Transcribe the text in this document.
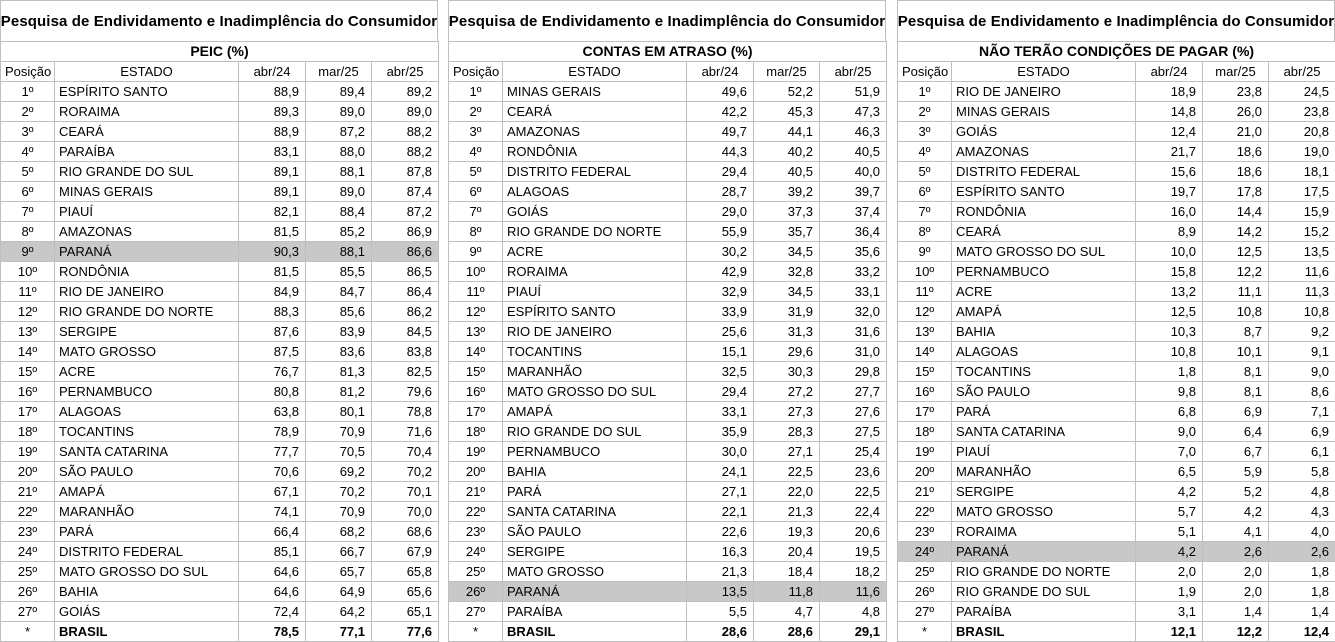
Pesquisa de Endividamento e Inadimplência do Consumidor
PEIC (%)				
Posição	ESTADO	abr/24	mar/25	abr/25
1º	ESPÍRITO SANTO	88,9	89,4	89,2
2º	RORAIMA	89,3	89,0	89,0
3º	CEARÁ	88,9	87,2	88,2
4º	PARAÍBA	83,1	88,0	88,2
5º	RIO GRANDE DO SUL	89,1	88,1	87,8
6º	MINAS GERAIS	89,1	89,0	87,4
7º	PIAUÍ	82,1	88,4	87,2
8º	AMAZONAS	81,5	85,2	86,9
9º	PARANÁ	90,3	88,1	86,6
10º	RONDÔNIA	81,5	85,5	86,5
11º	RIO DE JANEIRO	84,9	84,7	86,4
12º	RIO GRANDE DO NORTE	88,3	85,6	86,2
13º	SERGIPE	87,6	83,9	84,5
14º	MATO GROSSO	87,5	83,6	83,8
15º	ACRE	76,7	81,3	82,5
16º	PERNAMBUCO	80,8	81,2	79,6
17º	ALAGOAS	63,8	80,1	78,8
18º	TOCANTINS	78,9	70,9	71,6
19º	SANTA CATARINA	77,7	70,5	70,4
20º	SÃO PAULO	70,6	69,2	70,2
21º	AMAPÁ	67,1	70,2	70,1
22º	MARANHÃO	74,1	70,9	70,0
23º	PARÁ	66,4	68,2	68,6
24º	DISTRITO FEDERAL	85,1	66,7	67,9
25º	MATO GROSSO DO SUL	64,6	65,7	65,8
26º	BAHIA	64,6	64,9	65,6
27º	GOIÁS	72,4	64,2	65,1
*	BRASIL	78,5	77,1	77,6
Pesquisa de Endividamento e Inadimplência do Consumidor
CONTAS EM ATRASO (%)				
Posição	ESTADO	abr/24	mar/25	abr/25
1º	MINAS GERAIS	49,6	52,2	51,9
2º	CEARÁ	42,2	45,3	47,3
3º	AMAZONAS	49,7	44,1	46,3
4º	RONDÔNIA	44,3	40,2	40,5
5º	DISTRITO FEDERAL	29,4	40,5	40,0
6º	ALAGOAS	28,7	39,2	39,7
7º	GOIÁS	29,0	37,3	37,4
8º	RIO GRANDE DO NORTE	55,9	35,7	36,4
9º	ACRE	30,2	34,5	35,6
10º	RORAIMA	42,9	32,8	33,2
11º	PIAUÍ	32,9	34,5	33,1
12º	ESPÍRITO SANTO	33,9	31,9	32,0
13º	RIO DE JANEIRO	25,6	31,3	31,6
14º	TOCANTINS	15,1	29,6	31,0
15º	MARANHÃO	32,5	30,3	29,8
16º	MATO GROSSO DO SUL	29,4	27,2	27,7
17º	AMAPÁ	33,1	27,3	27,6
18º	RIO GRANDE DO SUL	35,9	28,3	27,5
19º	PERNAMBUCO	30,0	27,1	25,4
20º	BAHIA	24,1	22,5	23,6
21º	PARÁ	27,1	22,0	22,5
22º	SANTA CATARINA	22,1	21,3	22,4
23º	SÃO PAULO	22,6	19,3	20,6
24º	SERGIPE	16,3	20,4	19,5
25º	MATO GROSSO	21,3	18,4	18,2
26º	PARANÁ	13,5	11,8	11,6
27º	PARAÍBA	5,5	4,7	4,8
*	BRASIL	28,6	28,6	29,1
Pesquisa de Endividamento e Inadimplência do Consumidor
NÃO TERÃO CONDIÇÕES DE PAGAR (%)				
Posição	ESTADO	abr/24	mar/25	abr/25
1º	RIO DE JANEIRO	18,9	23,8	24,5
2º	MINAS GERAIS	14,8	26,0	23,8
3º	GOIÁS	12,4	21,0	20,8
4º	AMAZONAS	21,7	18,6	19,0
5º	DISTRITO FEDERAL	15,6	18,6	18,1
6º	ESPÍRITO SANTO	19,7	17,8	17,5
7º	RONDÔNIA	16,0	14,4	15,9
8º	CEARÁ	8,9	14,2	15,2
9º	MATO GROSSO DO SUL	10,0	12,5	13,5
10º	PERNAMBUCO	15,8	12,2	11,6
11º	ACRE	13,2	11,1	11,3
12º	AMAPÁ	12,5	10,8	10,8
13º	BAHIA	10,3	8,7	9,2
14º	ALAGOAS	10,8	10,1	9,1
15º	TOCANTINS	1,8	8,1	9,0
16º	SÃO PAULO	9,8	8,1	8,6
17º	PARÁ	6,8	6,9	7,1
18º	SANTA CATARINA	9,0	6,4	6,9
19º	PIAUÍ	7,0	6,7	6,1
20º	MARANHÃO	6,5	5,9	5,8
21º	SERGIPE	4,2	5,2	4,8
22º	MATO GROSSO	5,7	4,2	4,3
23º	RORAIMA	5,1	4,1	4,0
24º	PARANÁ	4,2	2,6	2,6
25º	RIO GRANDE DO NORTE	2,0	2,0	1,8
26º	RIO GRANDE DO SUL	1,9	2,0	1,8
27º	PARAÍBA	3,1	1,4	1,4
*	BRASIL	12,1	12,2	12,4
